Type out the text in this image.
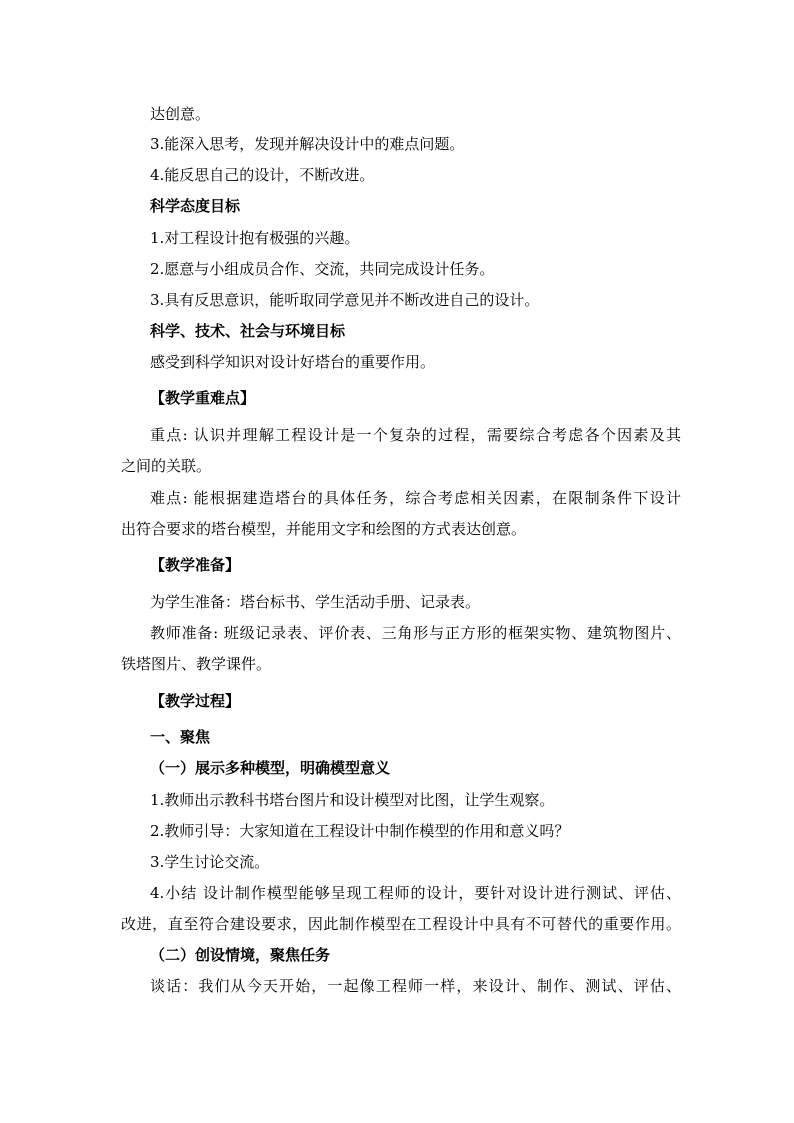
达创意。
3.能深入思考，发现并解决设计中的难点问题。
4.能反思自己的设计，不断改进。
科学态度目标
1.对工程设计抱有极强的兴趣。
2.愿意与小组成员合作、交流，共同完成设计任务。
3.具有反思意识，能听取同学意见并不断改进自己的设计。
科学、技术、社会与环境目标
感受到科学知识对设计好塔台的重要作用。
【教学重难点】
重点: 认识并理解工程设计是一个复杂的过程，需要综合考虑各个因素及其
之间的关联。
难点: 能根据建造塔台的具体任务，综合考虑相关因素，在限制条件下设计
出符合要求的塔台模型，并能用文字和绘图的方式表达创意。
【教学准备】
为学生准备：塔台标书、学生活动手册、记录表。
教师准备: 班级记录表、评价表、三角形与正方形的框架实物、建筑物图片、
铁塔图片、教学课件。
【教学过程】
一、聚焦
（一）展示多种模型，明确模型意义
1.教师出示教科书塔台图片和设计模型对比图，让学生观察。
2.教师引导：大家知道在工程设计中制作模型的作用和意义吗？
3.学生讨论交流。
4.小结 设计制作模型能够呈现工程师的设计，要针对设计进行测试、评估、
改进，直至符合建设要求，因此制作模型在工程设计中具有不可替代的重要作用。
（二）创设情境，聚焦任务
谈话：我们从今天开始，一起像工程师一样，来设计、制作、测试、评估、
